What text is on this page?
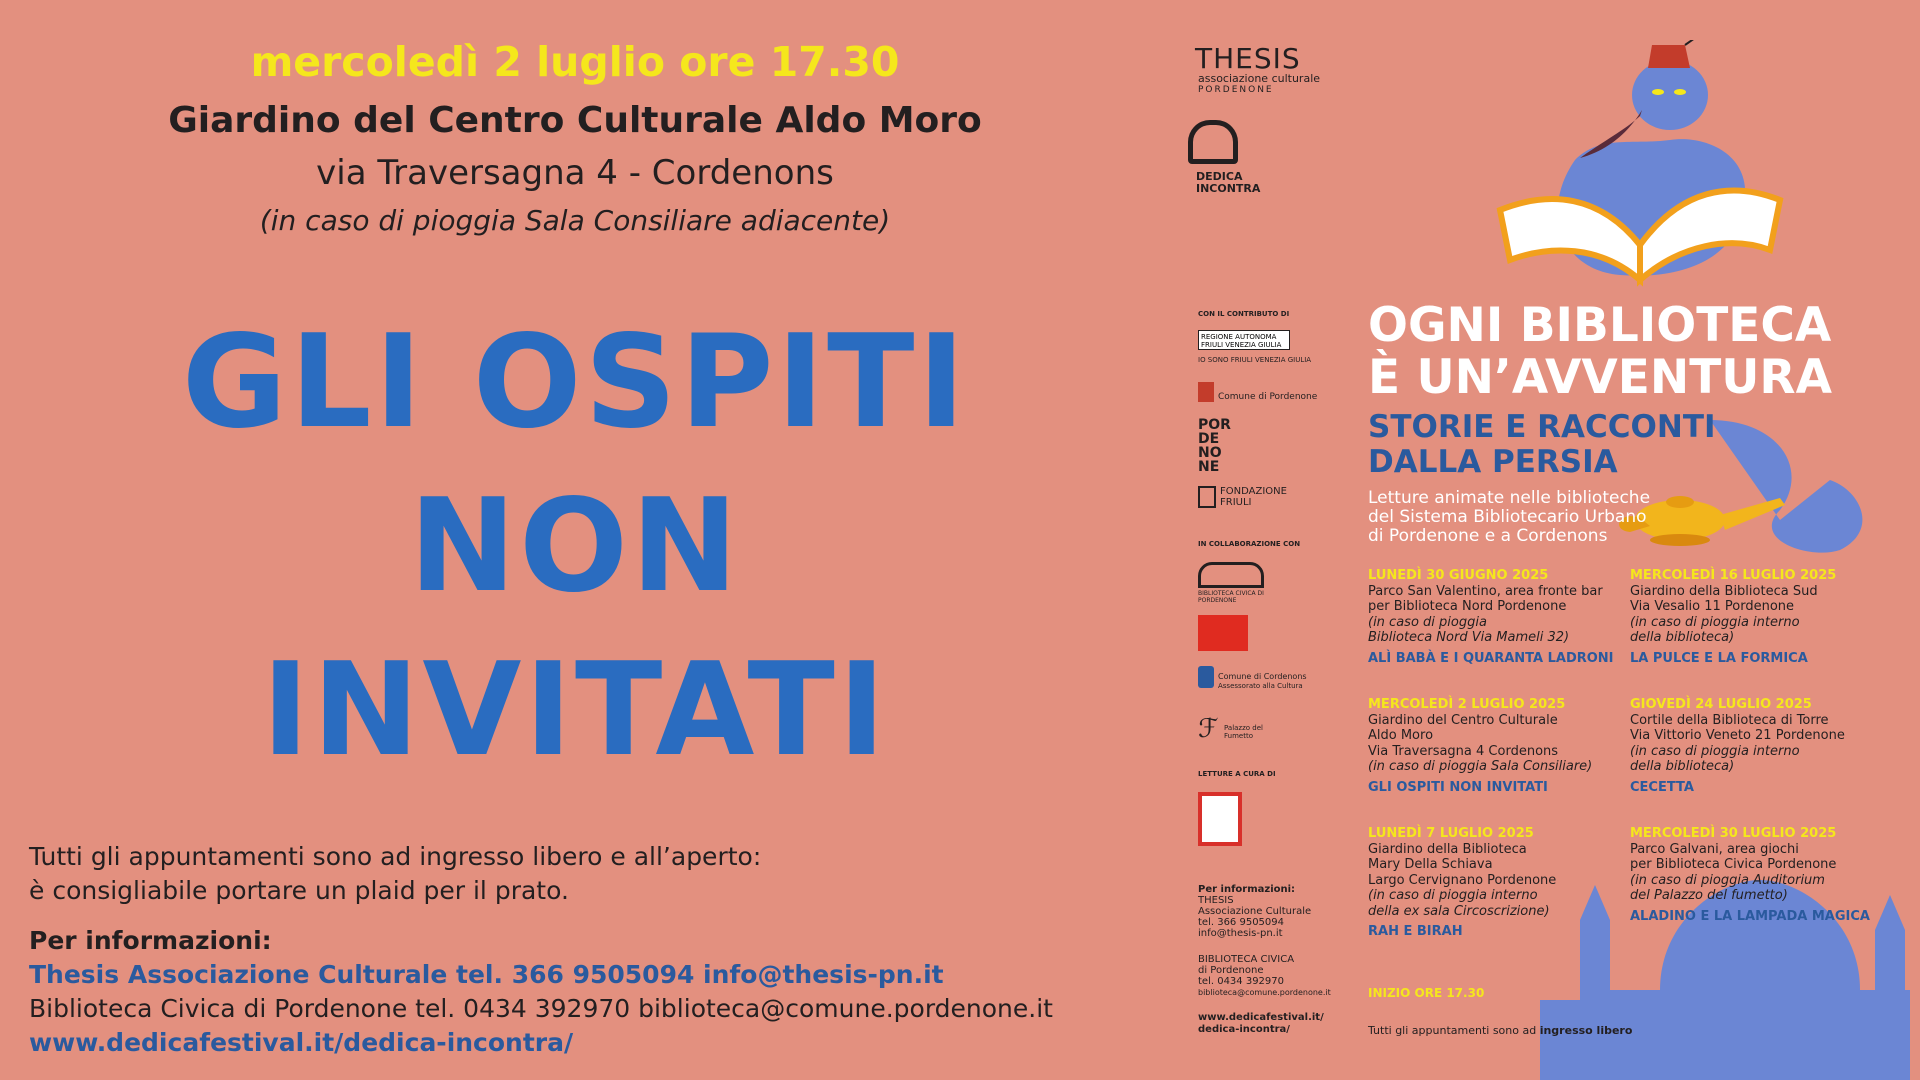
mercoledì 2 luglio ore 17.30
Giardino del Centro Culturale Aldo Moro
via Traversagna 4 - Cordenons
(in caso di pioggia Sala Consiliare adiacente)
GLI OSPITI
NON
INVITATI
Tutti gli appuntamenti sono ad ingresso libero e all’aperto:
è consigliabile portare un plaid per il prato.
Per informazioni:
Thesis Associazione Culturale tel. 366 9505094 info@thesis-pn.it
Biblioteca Civica di Pordenone tel. 0434 392970 biblioteca@comune.pordenone.it
www.dedicafestival.it/dedica-incontra/
THESIS
associazione culturale
PORDENONE
DEDICA
INCONTRA
CON IL CONTRIBUTO DI
REGIONE AUTONOMA FRIULI VENEZIA GIULIA
IO SONO FRIULI VENEZIA GIULIA
Comune di Pordenone
POR
DE
NO
NE
FONDAZIONE FRIULI
IN COLLABORAZIONE CON
BIBLIOTECA CIVICA DI PORDENONE
Comune di Cordenons
Assessorato alla Cultura
ℱ Palazzo del Fumetto
LETTURE A CURA DI
OGNI BIBLIOTECA
È UN’AVVENTURA
STORIE E RACCONTI
DALLA PERSIA
Letture animate nelle biblioteche
del Sistema Bibliotecario Urbano
di Pordenone e a Cordenons
LUNEDÌ 30 GIUGNO 2025
Parco San Valentino, area fronte bar
per Biblioteca Nord Pordenone
(in caso di pioggia
Biblioteca Nord Via Mameli 32)
ALÌ BABÀ E I QUARANTA LADRONI
MERCOLEDÌ 16 LUGLIO 2025
Giardino della Biblioteca Sud
Via Vesalio 11 Pordenone
(in caso di pioggia interno
della biblioteca)
LA PULCE E LA FORMICA
MERCOLEDÌ 2 LUGLIO 2025
Giardino del Centro Culturale
Aldo Moro
Via Traversagna 4 Cordenons
(in caso di pioggia Sala Consiliare)
GLI OSPITI NON INVITATI
GIOVEDÌ 24 LUGLIO 2025
Cortile della Biblioteca di Torre
Via Vittorio Veneto 21 Pordenone
(in caso di pioggia interno
della biblioteca)
CECETTA
LUNEDÌ 7 LUGLIO 2025
Giardino della Biblioteca
Mary Della Schiava
Largo Cervignano Pordenone
(in caso di pioggia interno
della ex sala Circoscrizione)
RAH E BIRAH
MERCOLEDÌ 30 LUGLIO 2025
Parco Galvani, area giochi
per Biblioteca Civica Pordenone
(in caso di pioggia Auditorium
del Palazzo del fumetto)
ALADINO E LA LAMPADA MAGICA
Per informazioni:
THESIS
Associazione Culturale
tel. 366 9505094
info@thesis-pn.it
BIBLIOTECA CIVICA
di Pordenone
tel. 0434 392970
biblioteca@comune.pordenone.it
www.dedicafestival.it/
dedica-incontra/
INIZIO ORE 17.30
Tutti gli appuntamenti sono ad ingresso libero
